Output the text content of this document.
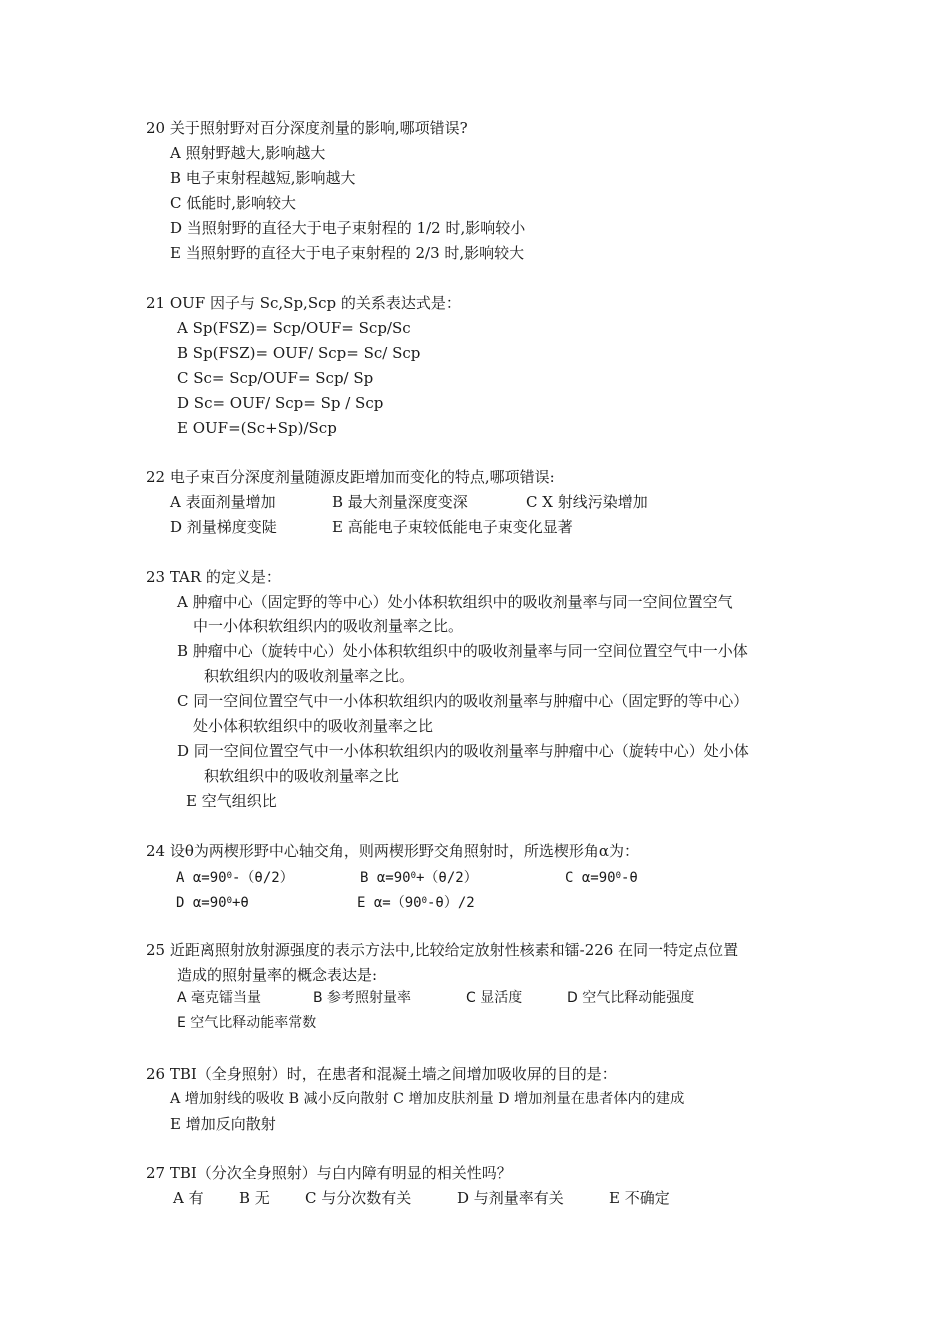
20 关于照射野对百分深度剂量的影响,哪项错误?
A 照射野越大,影响越大
B 电子束射程越短,影响越大
C 低能时,影响较大
D 当照射野的直径大于电子束射程的 1/2 时,影响较小
E 当照射野的直径大于电子束射程的 2/3 时,影响较大
21 OUF 因子与 Sc,Sp,Scp 的关系表达式是：
A Sp(FSZ)= Scp/OUF= Scp/Sc
B Sp(FSZ)= OUF/ Scp= Sc/ Scp
C Sc= Scp/OUF= Scp/ Sp
D Sc= OUF/ Scp= Sp / Scp
E OUF=(Sc+Sp)/Scp
22 电子束百分深度剂量随源皮距增加而变化的特点,哪项错误:
A 表面剂量增加	B 最大剂量深度变深	C X 射线污染增加
D 剂量梯度变陡	E 高能电子束较低能电子束变化显著
23 TAR 的定义是：
A 肿瘤中心（固定野的等中心）处小体积软组织中的吸收剂量率与同一空间位置空气
中一小体积软组织内的吸收剂量率之比。
B 肿瘤中心（旋转中心）处小体积软组织中的吸收剂量率与同一空间位置空气中一小体
积软组织内的吸收剂量率之比。
C 同一空间位置空气中一小体积软组织内的吸收剂量率与肿瘤中心（固定野的等中心）
处小体积软组织中的吸收剂量率之比
D 同一空间位置空气中一小体积软组织内的吸收剂量率与肿瘤中心（旋转中心）处小体
积软组织中的吸收剂量率之比
E 空气组织比
24 设θ为两楔形野中心轴交角，则两楔形野交角照射时，所选楔形角α为：
A $\alpha=90^0-(\theta/2)$	B $\alpha=90^0+(\theta/2)$	C $\alpha=90^0-\theta$
D $\alpha=90^0+\theta$	E $\alpha=(90^0-\theta)/2$
25 近距离照射放射源强度的表示方法中,比较给定放射性核素和镭-226 在同一特定点位置
造成的照射量率的概念表达是:
A 毫克镭当量	B 参考照射量率	C 显活度	D 空气比释动能强度
E 空气比释动能率常数
26 TBI（全身照射）时，在患者和混凝土墙之间增加吸收屏的目的是：
A 增加射线的吸收 B 减小反向散射 C 增加皮肤剂量 D 增加剂量在患者体内的建成
E 增加反向散射
27 TBI（分次全身照射）与白内障有明显的相关性吗？
A 有 B 无 C 与分次数有关	D 与剂量率有关	E 不确定
